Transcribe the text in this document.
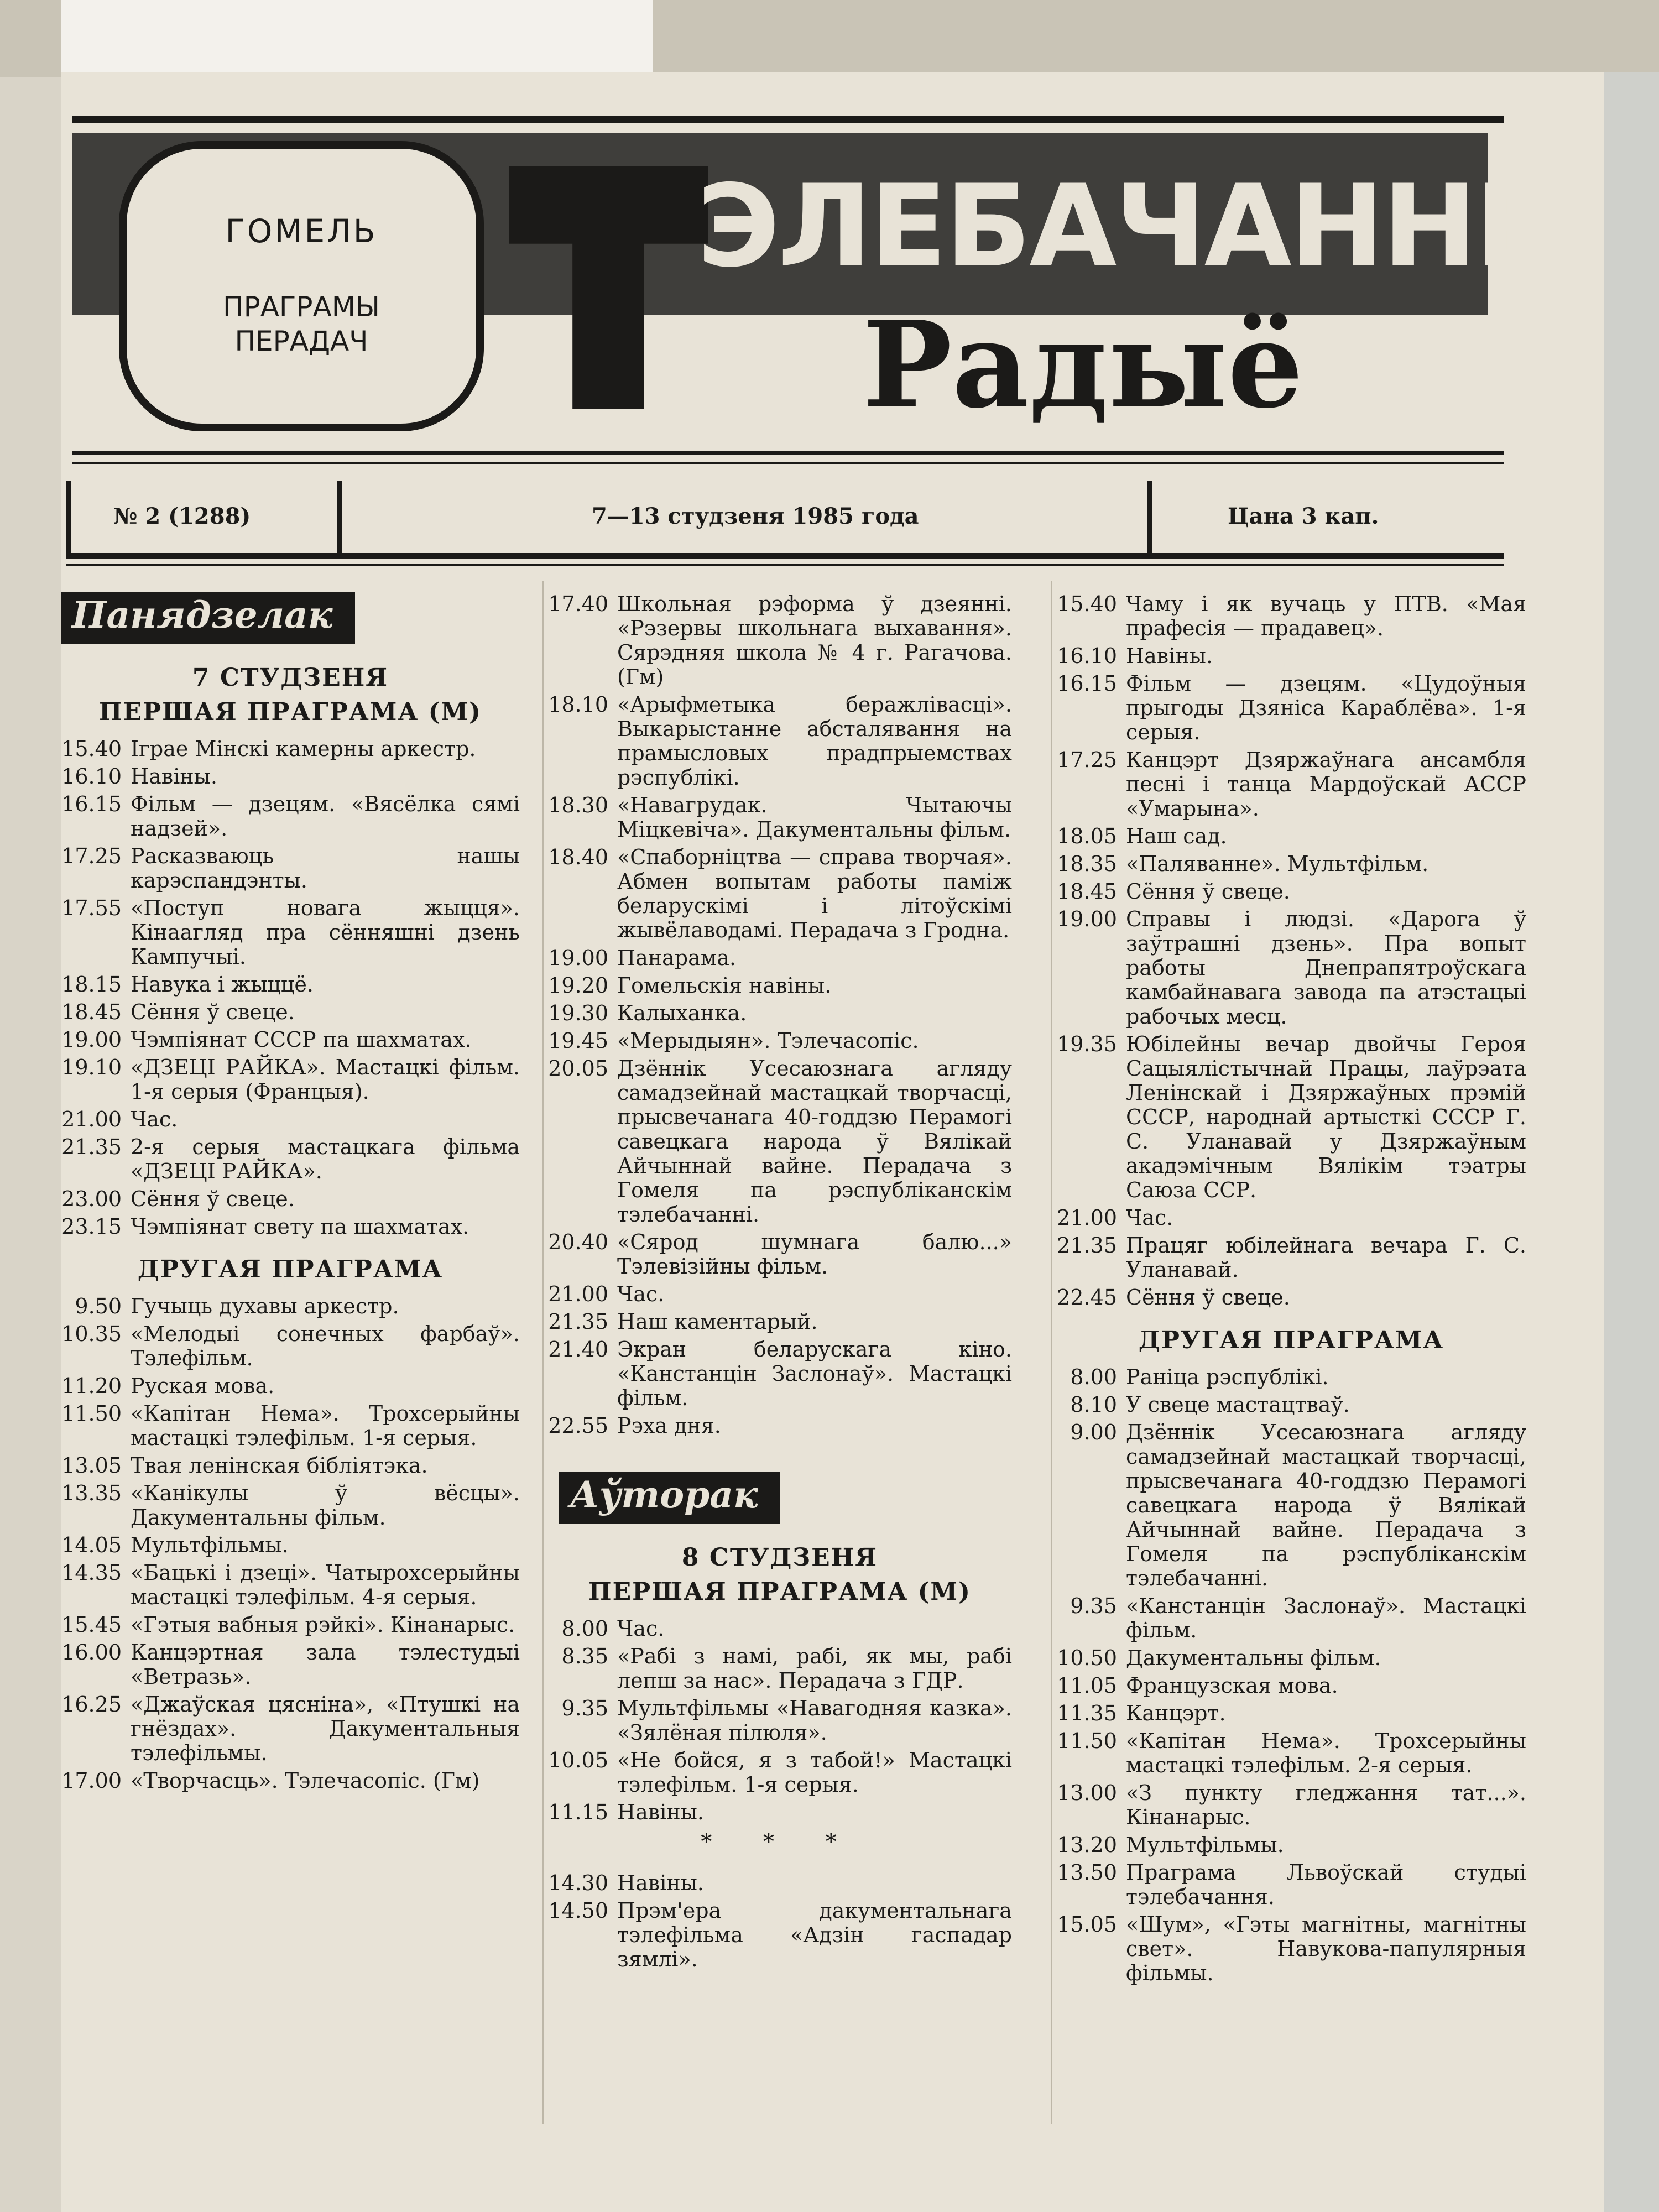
ГОМЕЛЬ
ПРАГРАМЫ
ПЕРАДАЧ
ЭЛЕБАЧАННЕ
Радыё
№ 2 (1288)	7—13 студзеня 1985 года	Цана 3 кап.
Панядзелак
7 СТУДЗЕНЯ
ПЕРШАЯ ПРАГРАМА (М)
15.40 Іграе Мінскі камерны аркестр.
16.10 Навіны.
16.15 Фільм — дзецям. «Вясёлка сямі надзей».
17.25 Расказваюць нашы карэспандэнты.
17.55 «Поступ новага жыцця». Кінаагляд пра сённяшні дзень Кампучыі.
18.15 Навука і жыццё.
18.45 Сёння ў свеце.
19.00 Чэмпіянат СССР па шахматах.
19.10 «ДЗЕЦІ РАЙКА». Мастацкі фільм. 1-я серыя (Францыя).
21.00 Час.
21.35 2-я серыя мастацкага фільма «ДЗЕЦІ РАЙКА».
23.00 Сёння ў свеце.
23.15 Чэмпіянат свету па шахматах.
ДРУГАЯ ПРАГРАМА
9.50 Гучыць духавы аркестр.
10.35 «Мелодыі сонечных фарбаў». Тэлефільм.
11.20 Руская мова.
11.50 «Капітан Нема». Трохсерыйны мастацкі тэлефільм. 1-я серыя.
13.05 Твая ленінская бібліятэка.
13.35 «Канікулы ў вёсцы». Дакументальны фільм.
14.05 Мультфільмы.
14.35 «Бацькі і дзеці». Чатырохсерыйны мастацкі тэлефільм. 4-я серыя.
15.45 «Гэтыя вабныя рэйкі». Кінанарыс.
16.00 Канцэртная зала тэлестудыі «Ветразь».
16.25 «Джаўская цясніна», «Птушкі на гнёздах». Дакументальныя тэлефільмы.
17.00 «Творчасць». Тэлечасопіс. (Гм)
17.40 Школьная рэформа ў дзеянні. «Рэзервы школьнага выхавання». Сярэдняя школа № 4 г. Рагачова. (Гм)
18.10 «Арыфметыка беражлівасці». Выкарыстанне абсталявання на прамысловых прадпрыемствах рэспублікі.
18.30 «Навагрудак. Чытаючы Міцкевіча». Дакументальны фільм.
18.40 «Спаборніцтва — справа творчая». Абмен вопытам работы паміж беларускімі і літоўскімі жывёлаводамі. Перадача з Гродна.
19.00 Панарама.
19.20 Гомельскія навіны.
19.30 Калыханка.
19.45 «Мерыдыян». Тэлечасопіс.
20.05 Дзённік Усесаюзнага агляду самадзейнай мастацкай творчасці, прысвечанага 40-годдзю Перамогі савецкага народа ў Вялікай Айчыннай вайне. Перадача з Гомеля па рэспубліканскім тэлебачанні.
20.40 «Сярод шумнага балю...» Тэлевізійны фільм.
21.00 Час.
21.35 Наш каментарый.
21.40 Экран беларускага кіно. «Канстанцін Заслонаў». Мастацкі фільм.
22.55 Рэха дня.
Аўторак
8 СТУДЗЕНЯ
ПЕРШАЯ ПРАГРАМА (М)
8.00 Час.
8.35 «Рабі з намі, рабі, як мы, рабі лепш за нас». Перадача з ГДР.
9.35 Мультфільмы «Навагодняя казка». «Зялёная пілюля».
10.05 «Не бойся, я з табой!» Мастацкі тэлефільм. 1-я серыя.
11.15 Навіны.
* * *
14.30 Навіны.
14.50 Прэм'ера дакументальнага тэлефільма «Адзін гаспадар зямлі».
15.40 Чаму і як вучаць у ПТВ. «Мая прафесія — прадавец».
16.10 Навіны.
16.15 Фільм — дзецям. «Цудоўныя прыгоды Дзяніса Караблёва». 1-я серыя.
17.25 Канцэрт Дзяржаўнага ансамбля песні і танца Мардоўскай АССР «Умарына».
18.05 Наш сад.
18.35 «Паляванне». Мультфільм.
18.45 Сёння ў свеце.
19.00 Справы і людзі. «Дарога ў заўтрашні дзень». Пра вопыт работы Днепрапятроўскага камбайнавага завода па атэстацыі рабочых месц.
19.35 Юбілейны вечар двойчы Героя Сацыялістычнай Працы, лаўрэата Ленінскай і Дзяржаўных прэмій СССР, народнай артысткі СССР Г. С. Уланавай у Дзяржаўным акадэмічным Вялікім тэатры Саюза ССР.
21.00 Час.
21.35 Працяг юбілейнага вечара Г. С. Уланавай.
22.45 Сёння ў свеце.
ДРУГАЯ ПРАГРАМА
8.00 Раніца рэспублікі.
8.10 У свеце мастацтваў.
9.00 Дзённік Усесаюзнага агляду самадзейнай мастацкай творчасці, прысвечанага 40-годдзю Перамогі савецкага народа ў Вялікай Айчыннай вайне. Перадача з Гомеля па рэспубліканскім тэлебачанні.
9.35 «Канстанцін Заслонаў». Мастацкі фільм.
10.50 Дакументальны фільм.
11.05 Французская мова.
11.35 Канцэрт.
11.50 «Капітан Нема». Трохсерыйны мастацкі тэлефільм. 2-я серыя.
13.00 «З пункту гледжання тат...». Кінанарыс.
13.20 Мультфільмы.
13.50 Праграма Львоўскай студыі тэлебачання.
15.05 «Шум», «Гэты магнітны, магнітны свет». Навукова-папулярныя фільмы.
